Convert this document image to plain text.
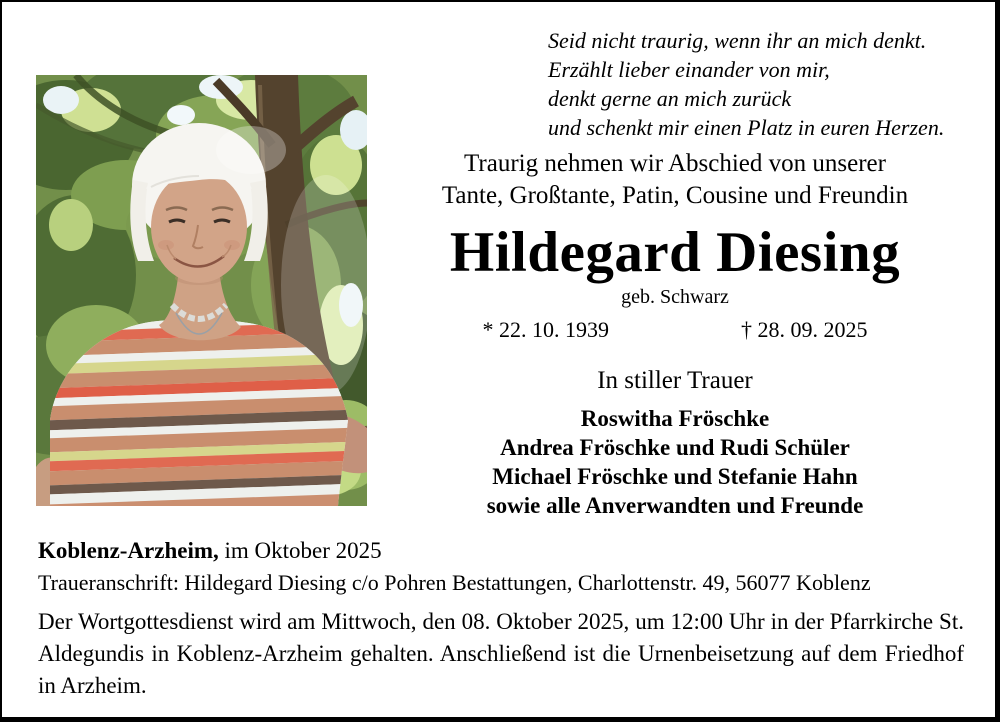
Seid nicht traurig, wenn ihr an mich denkt.
Erzählt lieber einander von mir,
denkt gerne an mich zurück
und schenkt mir einen Platz in euren Herzen.
Traurig nehmen wir Abschied von unserer
Tante, Großtante, Patin, Cousine und Freundin
Hildegard Diesing
geb. Schwarz
* 22. 10. 1939	† 28. 09. 2025
In stiller Trauer
Roswitha Fröschke
Andrea Fröschke und Rudi Schüler
Michael Fröschke und Stefanie Hahn
sowie alle Anverwandten und Freunde
Koblenz-Arzheim, im Oktober 2025
Traueranschrift: Hildegard Diesing c/o Pohren Bestattungen, Charlottenstr. 49, 56077 Koblenz
Der Wortgottesdienst wird am Mittwoch, den 08. Oktober 2025, um 12:00 Uhr in der Pfarrkirche St. Aldegundis in Koblenz-Arzheim gehalten. Anschließend ist die Urnenbeisetzung auf dem Friedhof in Arzheim.
